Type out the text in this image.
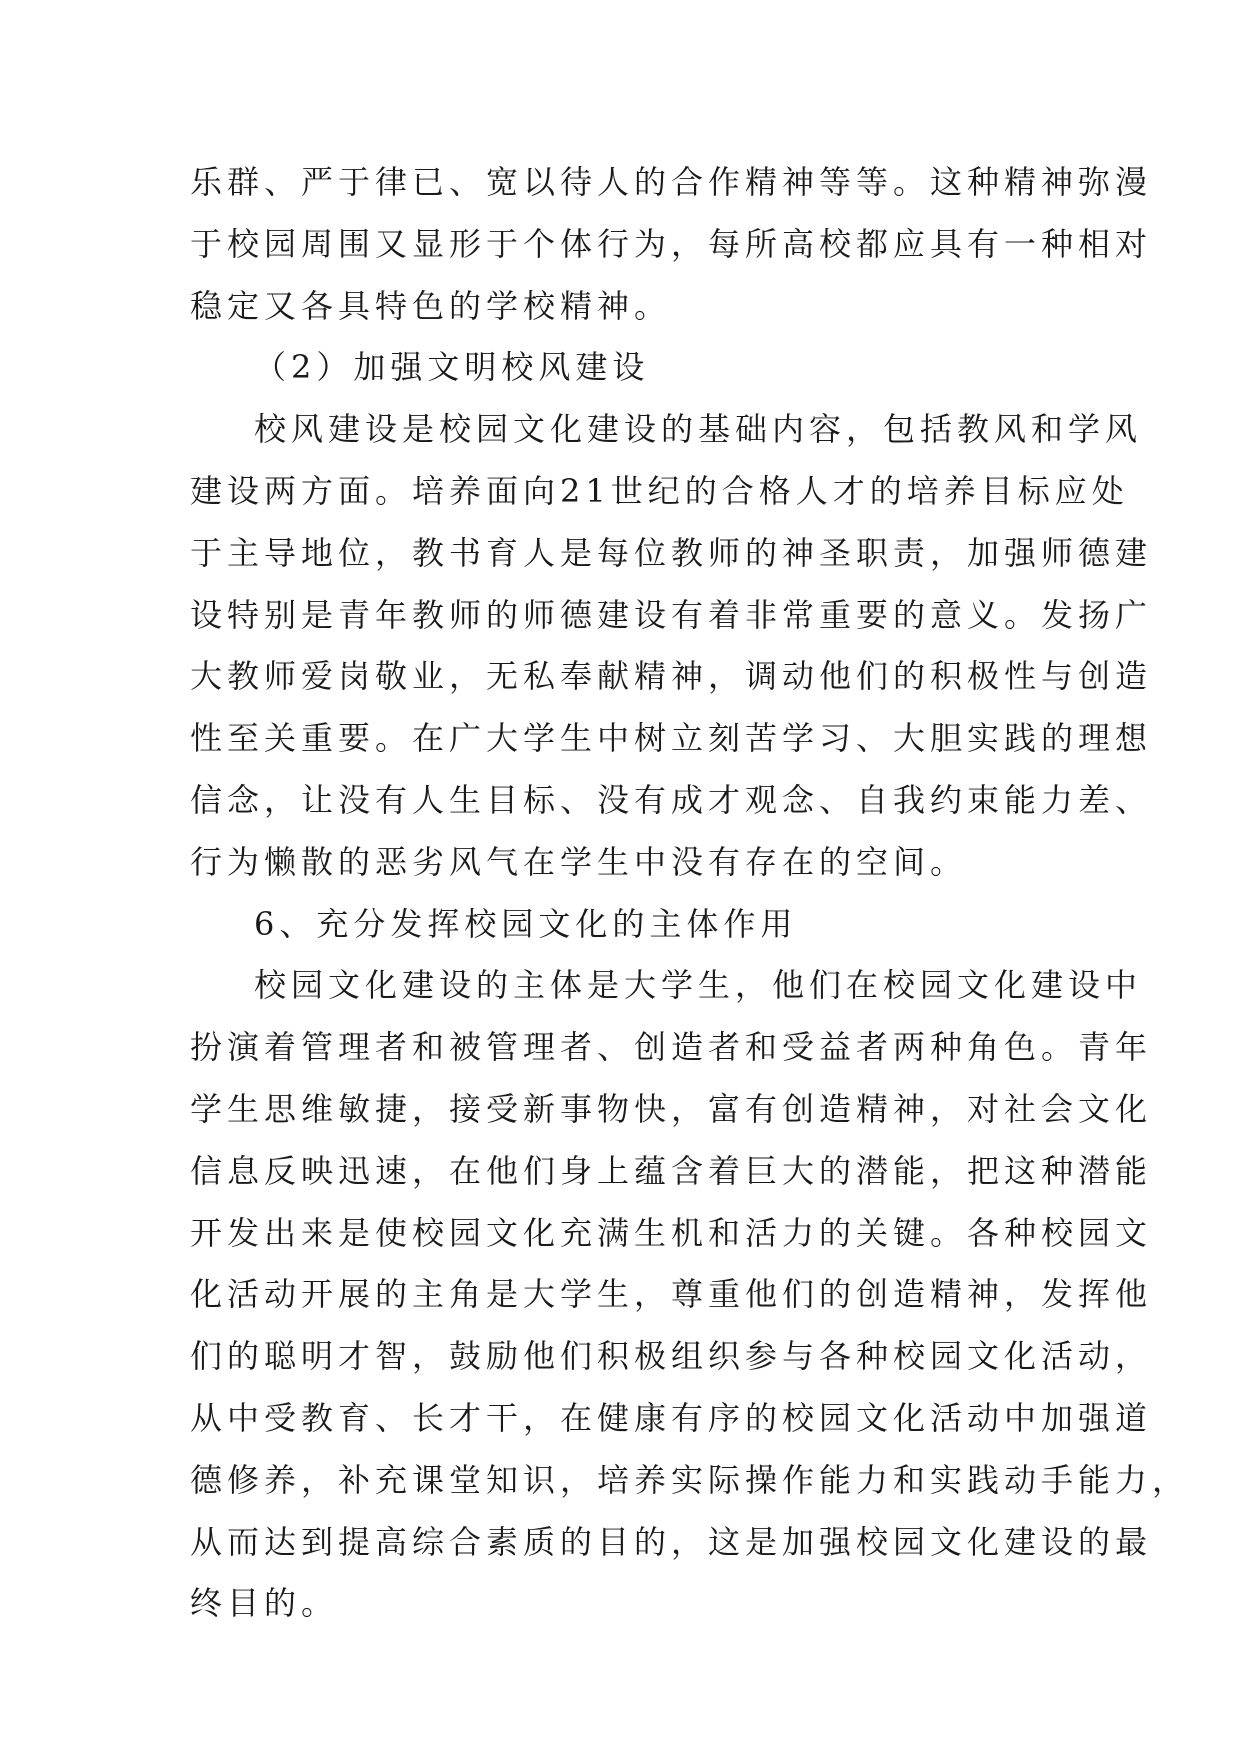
乐群、严于律已、宽以待人的合作精神等等。这种精神弥漫
于校园周围又显形于个体行为，每所高校都应具有一种相对
稳定又各具特色的学校精神。
（2）加强文明校风建设
校风建设是校园文化建设的基础内容，包括教风和学风
建设两方面。培养面向21世纪的合格人才的培养目标应处
于主导地位，教书育人是每位教师的神圣职责，加强师德建
设特别是青年教师的师德建设有着非常重要的意义。发扬广
大教师爱岗敬业，无私奉献精神，调动他们的积极性与创造
性至关重要。在广大学生中树立刻苦学习、大胆实践的理想
信念，让没有人生目标、没有成才观念、自我约束能力差、
行为懒散的恶劣风气在学生中没有存在的空间。
6、充分发挥校园文化的主体作用
校园文化建设的主体是大学生，他们在校园文化建设中
扮演着管理者和被管理者、创造者和受益者两种角色。青年
学生思维敏捷，接受新事物快，富有创造精神，对社会文化
信息反映迅速，在他们身上蕴含着巨大的潜能，把这种潜能
开发出来是使校园文化充满生机和活力的关键。各种校园文
化活动开展的主角是大学生，尊重他们的创造精神，发挥他
们的聪明才智，鼓励他们积极组织参与各种校园文化活动，
从中受教育、长才干，在健康有序的校园文化活动中加强道
德修养，补充课堂知识，培养实际操作能力和实践动手能力，
从而达到提高综合素质的目的，这是加强校园文化建设的最
终目的。
